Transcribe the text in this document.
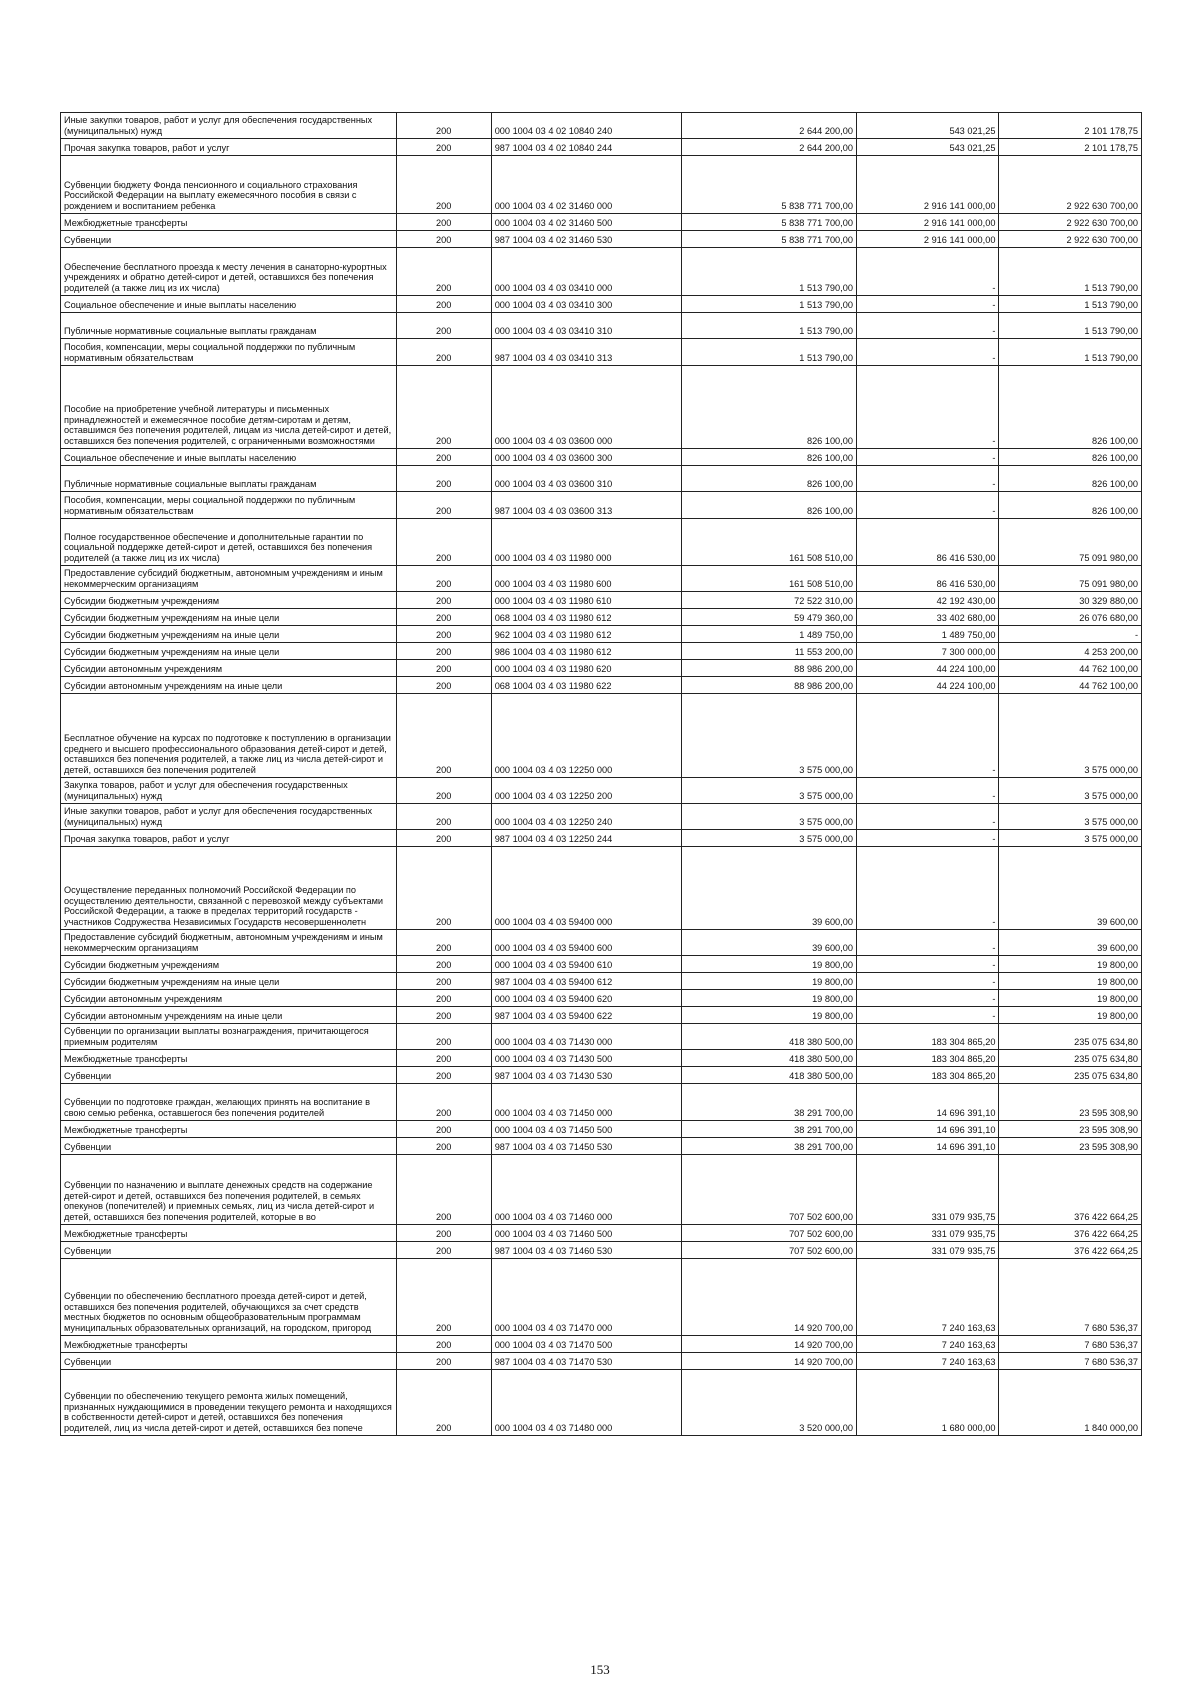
Иные закупки товаров, работ и услуг для обеспечения государственных (муниципальных) нужд	200	000 1004 03 4 02 10840 240	2 644 200,00	543 021,25	2 101 178,75
Прочая закупка товаров, работ и услуг	200	987 1004 03 4 02 10840 244	2 644 200,00	543 021,25	2 101 178,75
Субвенции бюджету Фонда пенсионного и социального страхования Российской Федерации на выплату ежемесячного пособия в связи с рождением и воспитанием ребенка	200	000 1004 03 4 02 31460 000	5 838 771 700,00	2 916 141 000,00	2 922 630 700,00
Межбюджетные трансферты	200	000 1004 03 4 02 31460 500	5 838 771 700,00	2 916 141 000,00	2 922 630 700,00
Субвенции	200	987 1004 03 4 02 31460 530	5 838 771 700,00	2 916 141 000,00	2 922 630 700,00
Обеспечение бесплатного проезда к месту лечения в санаторно-курортных учреждениях и обратно детей-сирот и детей, оставшихся без попечения родителей (а также лиц из их числа)	200	000 1004 03 4 03 03410 000	1 513 790,00	-	1 513 790,00
Социальное обеспечение и иные выплаты населению	200	000 1004 03 4 03 03410 300	1 513 790,00	-	1 513 790,00
Публичные нормативные социальные выплаты гражданам	200	000 1004 03 4 03 03410 310	1 513 790,00	-	1 513 790,00
Пособия, компенсации, меры социальной поддержки по публичным нормативным обязательствам	200	987 1004 03 4 03 03410 313	1 513 790,00	-	1 513 790,00
Пособие на приобретение учебной литературы и письменных принадлежностей и ежемесячное пособие детям-сиротам и детям, оставшимся без попечения родителей, лицам из числа детей-сирот и детей, оставшихся без попечения родителей, с ограниченными возможностями	200	000 1004 03 4 03 03600 000	826 100,00	-	826 100,00
Социальное обеспечение и иные выплаты населению	200	000 1004 03 4 03 03600 300	826 100,00	-	826 100,00
Публичные нормативные социальные выплаты гражданам	200	000 1004 03 4 03 03600 310	826 100,00	-	826 100,00
Пособия, компенсации, меры социальной поддержки по публичным нормативным обязательствам	200	987 1004 03 4 03 03600 313	826 100,00	-	826 100,00
Полное государственное обеспечение и дополнительные гарантии по социальной поддержке детей-сирот и детей, оставшихся без попечения родителей (а также лиц из их числа)	200	000 1004 03 4 03 11980 000	161 508 510,00	86 416 530,00	75 091 980,00
Предоставление субсидий бюджетным, автономным учреждениям и иным некоммерческим организациям	200	000 1004 03 4 03 11980 600	161 508 510,00	86 416 530,00	75 091 980,00
Субсидии бюджетным учреждениям	200	000 1004 03 4 03 11980 610	72 522 310,00	42 192 430,00	30 329 880,00
Субсидии бюджетным учреждениям на иные цели	200	068 1004 03 4 03 11980 612	59 479 360,00	33 402 680,00	26 076 680,00
Субсидии бюджетным учреждениям на иные цели	200	962 1004 03 4 03 11980 612	1 489 750,00	1 489 750,00	-
Субсидии бюджетным учреждениям на иные цели	200	986 1004 03 4 03 11980 612	11 553 200,00	7 300 000,00	4 253 200,00
Субсидии автономным учреждениям	200	000 1004 03 4 03 11980 620	88 986 200,00	44 224 100,00	44 762 100,00
Субсидии автономным учреждениям на иные цели	200	068 1004 03 4 03 11980 622	88 986 200,00	44 224 100,00	44 762 100,00
Бесплатное обучение на курсах по подготовке к поступлению в организации среднего и высшего профессионального образования детей-сирот и детей, оставшихся без попечения родителей, а также лиц из числа детей-сирот и детей, оставшихся без попечения родителей	200	000 1004 03 4 03 12250 000	3 575 000,00	-	3 575 000,00
Закупка товаров, работ и услуг для обеспечения государственных (муниципальных) нужд	200	000 1004 03 4 03 12250 200	3 575 000,00	-	3 575 000,00
Иные закупки товаров, работ и услуг для обеспечения государственных (муниципальных) нужд	200	000 1004 03 4 03 12250 240	3 575 000,00	-	3 575 000,00
Прочая закупка товаров, работ и услуг	200	987 1004 03 4 03 12250 244	3 575 000,00	-	3 575 000,00
Осуществление переданных полномочий Российской Федерации по осуществлению деятельности, связанной с перевозкой между субъектами Российской Федерации, а также в пределах территорий государств - участников Содружества Независимых Государств несовершеннолетн	200	000 1004 03 4 03 59400 000	39 600,00	-	39 600,00
Предоставление субсидий бюджетным, автономным учреждениям и иным некоммерческим организациям	200	000 1004 03 4 03 59400 600	39 600,00	-	39 600,00
Субсидии бюджетным учреждениям	200	000 1004 03 4 03 59400 610	19 800,00	-	19 800,00
Субсидии бюджетным учреждениям на иные цели	200	987 1004 03 4 03 59400 612	19 800,00	-	19 800,00
Субсидии автономным учреждениям	200	000 1004 03 4 03 59400 620	19 800,00	-	19 800,00
Субсидии автономным учреждениям на иные цели	200	987 1004 03 4 03 59400 622	19 800,00	-	19 800,00
Субвенции по организации выплаты вознаграждения, причитающегося приемным родителям	200	000 1004 03 4 03 71430 000	418 380 500,00	183 304 865,20	235 075 634,80
Межбюджетные трансферты	200	000 1004 03 4 03 71430 500	418 380 500,00	183 304 865,20	235 075 634,80
Субвенции	200	987 1004 03 4 03 71430 530	418 380 500,00	183 304 865,20	235 075 634,80
Субвенции по подготовке граждан, желающих принять на воспитание в свою семью ребенка, оставшегося без попечения родителей	200	000 1004 03 4 03 71450 000	38 291 700,00	14 696 391,10	23 595 308,90
Межбюджетные трансферты	200	000 1004 03 4 03 71450 500	38 291 700,00	14 696 391,10	23 595 308,90
Субвенции	200	987 1004 03 4 03 71450 530	38 291 700,00	14 696 391,10	23 595 308,90
Субвенции по назначению и выплате денежных средств на содержание детей-сирот и детей, оставшихся без попечения родителей, в семьях опекунов (попечителей) и приемных семьях, лиц из числа детей-сирот и детей, оставшихся без попечения родителей, которые в во	200	000 1004 03 4 03 71460 000	707 502 600,00	331 079 935,75	376 422 664,25
Межбюджетные трансферты	200	000 1004 03 4 03 71460 500	707 502 600,00	331 079 935,75	376 422 664,25
Субвенции	200	987 1004 03 4 03 71460 530	707 502 600,00	331 079 935,75	376 422 664,25
Субвенции по обеспечению бесплатного проезда детей-сирот и детей, оставшихся без попечения родителей, обучающихся за счет средств местных бюджетов по основным общеобразовательным программам муниципальных образовательных организаций, на городском, пригород	200	000 1004 03 4 03 71470 000	14 920 700,00	7 240 163,63	7 680 536,37
Межбюджетные трансферты	200	000 1004 03 4 03 71470 500	14 920 700,00	7 240 163,63	7 680 536,37
Субвенции	200	987 1004 03 4 03 71470 530	14 920 700,00	7 240 163,63	7 680 536,37
Субвенции по обеспечению текущего ремонта жилых помещений, признанных нуждающимися в проведении текущего ремонта и находящихся в собственности детей-сирот и детей, оставшихся без попечения родителей, лиц из числа детей-сирот и детей, оставшихся без попече	200	000 1004 03 4 03 71480 000	3 520 000,00	1 680 000,00	1 840 000,00
153
